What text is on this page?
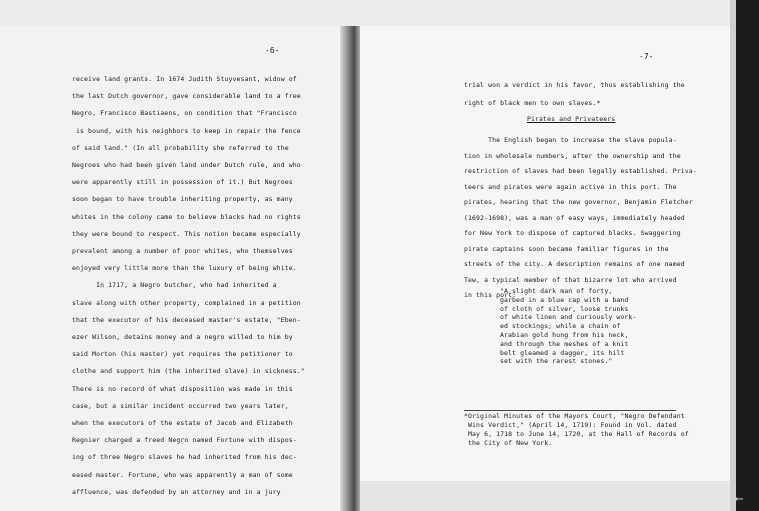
-6-
receive land grants. In 1674 Judith Stuyvesant, widow of
the last Dutch governor, gave considerable land to a free
Negro, Francisco Bastiaens, on condition that "Francisco
is bound, with his neighbors to keep in repair the fence
of said land." (In all probability she referred to the
Negroes who had been given land under Dutch rule, and who
were apparently still in possession of it.) But Negroes
soon began to have trouble inheriting property, as many
whites in the colony came to believe blacks had no rights
they were bound to respect. This notion became especially
prevalent among a number of poor whites, who themselves
enjoyed very little more than the luxury of being white.
In 1717, a Negro butcher, who had inherited a
slave along with other property, complained in a petition
that the executor of his deceased master's estate, "Eben-
ezer Wilson, detains money and a negro willed to him by
said Morton (his master) yet requires the petitioner to
clothe and support him (the inherited slave) in sickness."
There is no record of what disposition was made in this
case, but a similar incident occurred two years later,
when the executors of the estate of Jacob and Elizabeth
Regnier charged a freed Negro named Fortune with dispos-
ing of three Negro slaves he had inherited from his dec-
eased master. Fortune, who was apparently a man of some
affluence, was defended by an attorney and in a jury
-7-
Pirates and Privateers
trial won a verdict in his favor, thus establishing the
right of black men to own slaves.*
The English began to increase the slave popula-
tion in wholesale numbers, after the ownership and the
restriction of slaves had been legally established. Priva-
teers and pirates were again active in this port. The
pirates, hearing that the new governor, Benjamin Fletcher
(1692-1698), was a man of easy ways, immediately headed
for New York to dispose of captured blacks. Swaggering
pirate captains soon became familiar figures in the
streets of the city. A description remains of one named
Tew, a typical member of that bizarre lot who arrived
in this port:
"A slight dark man of forty,
garbed in a blue cap with a band
of cloth of silver, loose trunks
of white linen and curiously work-
ed stockings; while a chain of
Arabian gold hung from his neck,
and through the meshes of a knit
belt gleamed a dagger, its hilt
set with the rarest stones."
*Original Minutes of the Mayors Court, "Negro Defendant
Wins Verdict," (April 14, 1719): Found in Vol. dated
May 6, 1718 to June 14, 1720, at the Hall of Records of
the City of New York.
⟵
